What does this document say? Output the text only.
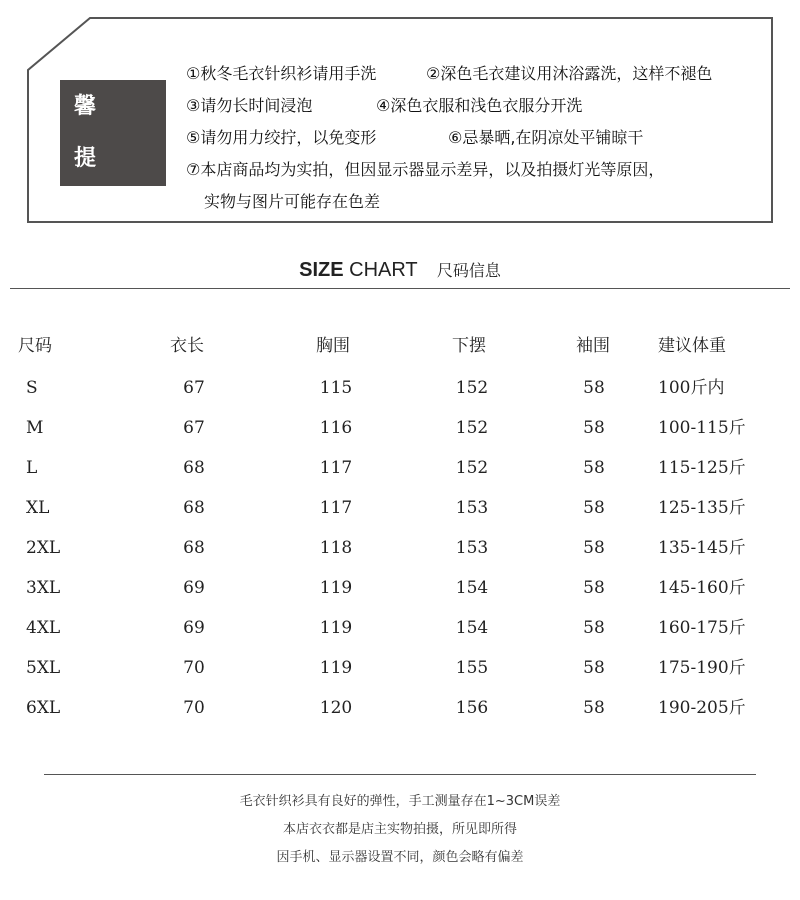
温 馨
提 示
①秋冬毛衣针织衫请用手洗	②深色毛衣建议用沐浴露洗，这样不褪色
③请勿长时间浸泡	④深色衣服和浅色衣服分开洗
⑤请勿用力绞拧，以免变形	⑥忌暴晒,在阴凉处平铺晾干
⑦本店商品均为实拍，但因显示器显示差异，以及拍摄灯光等原因，
实物与图片可能存在色差
SIZE CHART 尺码信息
尺码	衣长	胸围	下摆	袖围	建议体重
S	67	115	152	58	100斤内
M	67	116	152	58	100-115斤
L	68	117	152	58	115-125斤
XL	68	117	153	58	125-135斤
2XL	68	118	153	58	135-145斤
3XL	69	119	154	58	145-160斤
4XL	69	119	154	58	160-175斤
5XL	70	119	155	58	175-190斤
6XL	70	120	156	58	190-205斤
毛衣针织衫具有良好的弹性，手工测量存在1~3CM误差
本店衣衣都是店主实物拍摄，所见即所得
因手机、显示器设置不同，颜色会略有偏差
